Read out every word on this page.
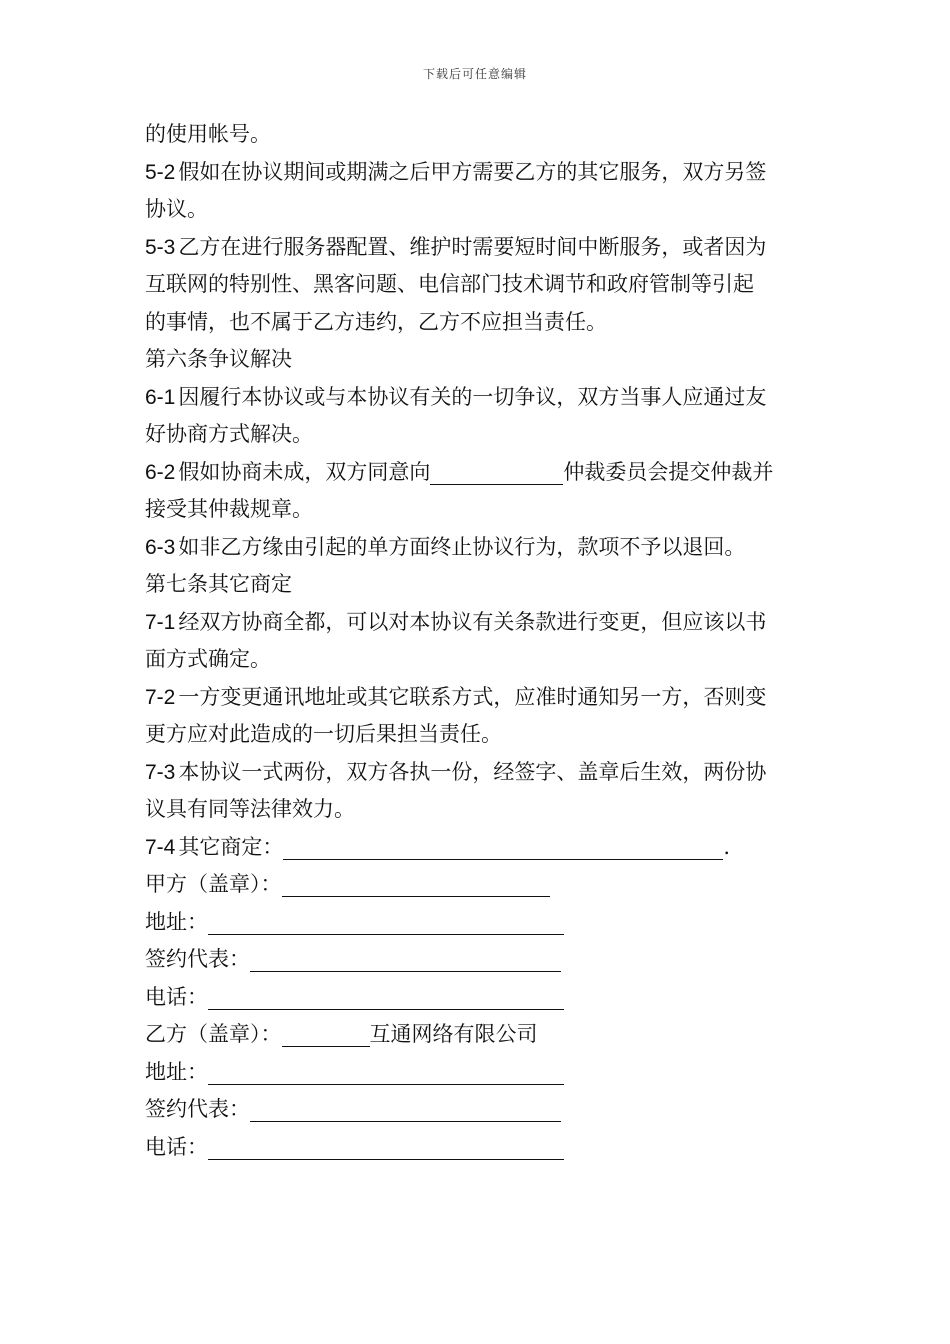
下载后可任意编辑
的使用帐号。
5-2 假如在协议期间或期满之后甲方需要乙方的其它服务，双方另签
协议。
5-3 乙方在进行服务器配置、维护时需要短时间中断服务，或者因为
互联网的特别性、黑客问题、电信部门技术调节和政府管制等引起
的事情，也不属于乙方违约，乙方不应担当责任。
第六条争议解决
6-1 因履行本协议或与本协议有关的一切争议，双方当事人应通过友
好协商方式解决。
6-2 假如协商未成，双方同意向	仲裁委员会提交仲裁并
接受其仲裁规章。
6-3 如非乙方缘由引起的单方面终止协议行为，款项不予以退回。
第七条其它商定
7-1 经双方协商全都，可以对本协议有关条款进行变更，但应该以书
面方式确定。
7-2 一方变更通讯地址或其它联系方式，应准时通知另一方，否则变
更方应对此造成的一切后果担当责任。
7-3 本协议一式两份，双方各执一份，经签字、盖章后生效，两份协
议具有同等法律效力。
7-4 其它商定：	.
甲方（盖章）：
地址：
签约代表：
电话：
乙方（盖章）：	互通网络有限公司
地址：
签约代表：
电话：
